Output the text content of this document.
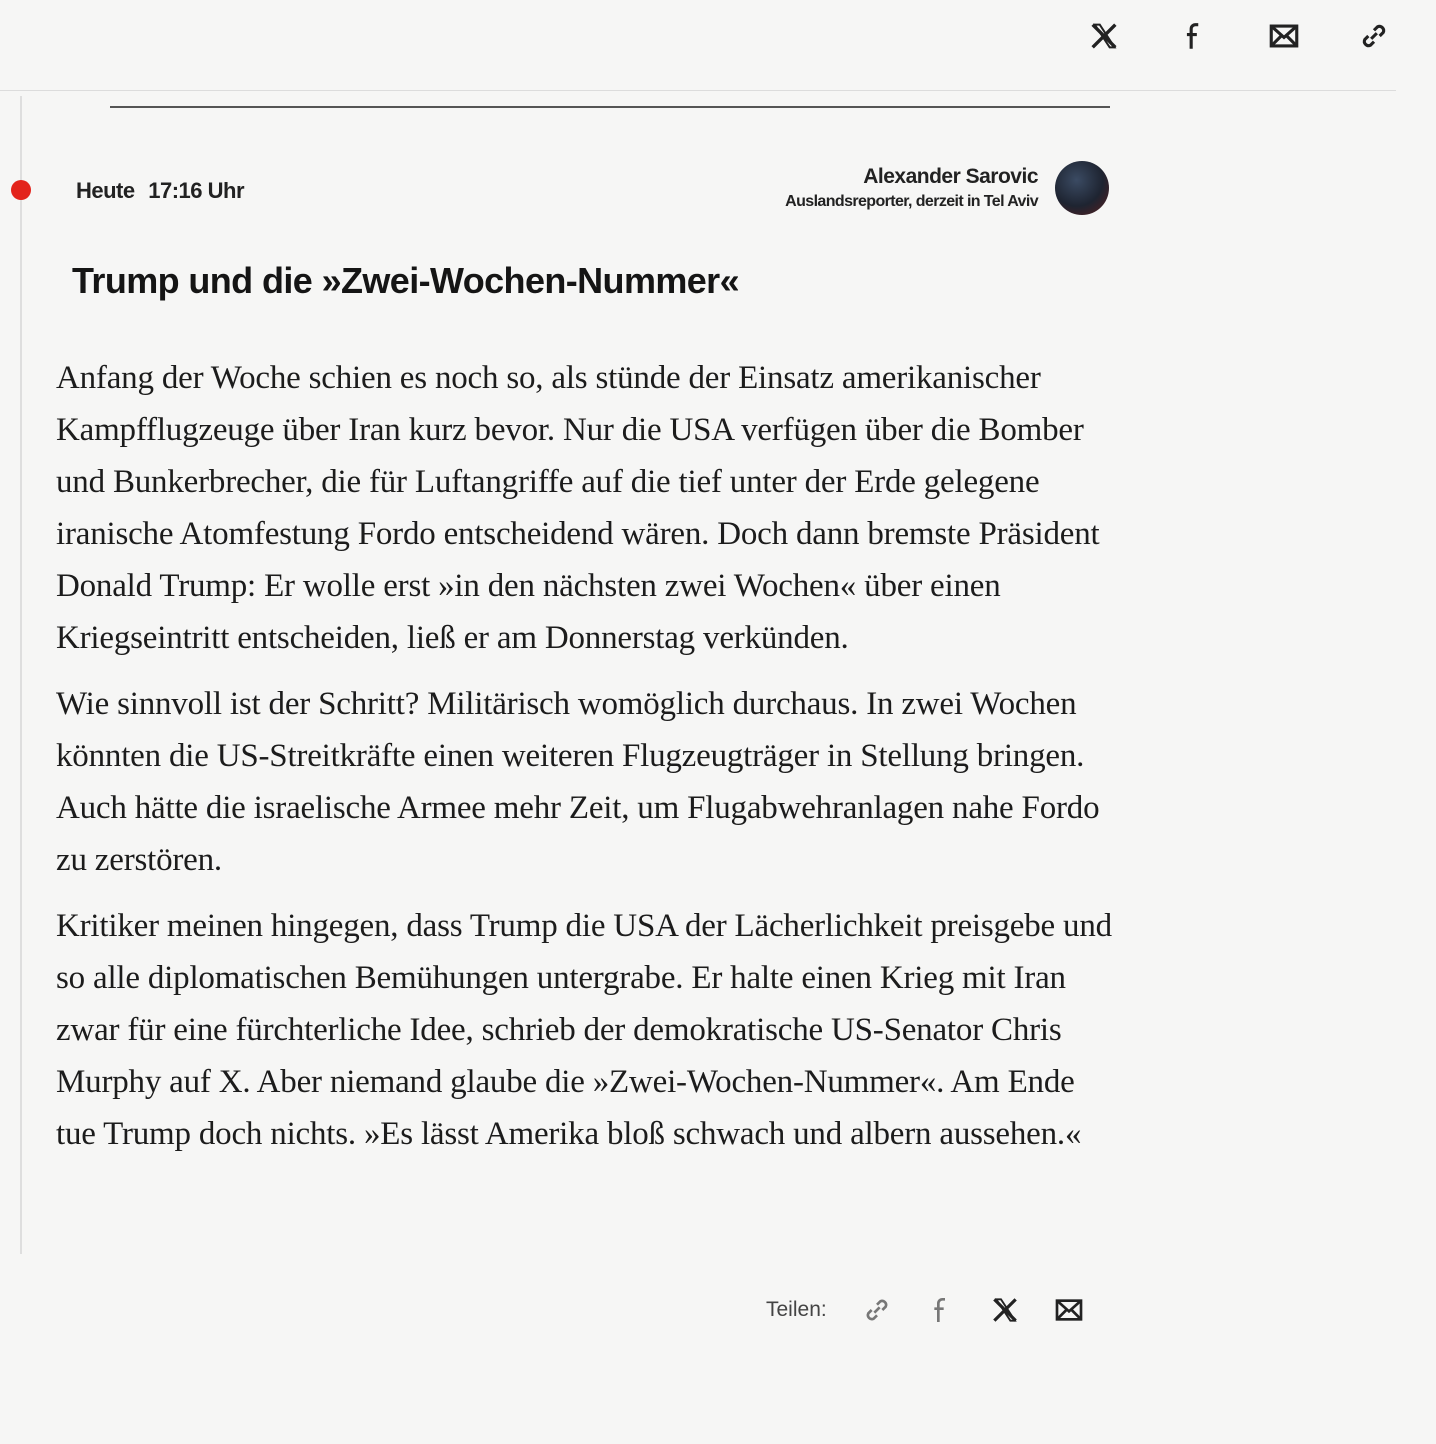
Heute 17:16 Uhr
Alexander Sarovic
Auslandsreporter, derzeit in Tel Aviv
Trump und die »Zwei-Wochen-Nummer«

Anfang der Woche schien es noch so, als stünde der Einsatz amerikanischer Kampfflugzeuge über Iran kurz bevor. Nur die USA verfügen über die Bomber und Bunkerbrecher, die für Luftangriffe auf die tief unter der Erde gelegene iranische Atomfestung Fordo entscheidend wären. Doch dann bremste Präsident Donald Trump: Er wolle erst »in den nächsten zwei Wochen« über einen Kriegseintritt entscheiden, ließ er am Donnerstag verkünden.

Wie sinnvoll ist der Schritt? Militärisch womöglich durchaus. In zwei Wochen könnten die US-Streitkräfte einen weiteren Flugzeugträger in Stellung bringen. Auch hätte die israelische Armee mehr Zeit, um Flugabwehranlagen nahe Fordo zu zerstören.

Kritiker meinen hingegen, dass Trump die USA der Lächerlichkeit preisgebe und so alle diplomatischen Bemühungen untergrabe. Er halte einen Krieg mit Iran zwar für eine fürchterliche Idee, schrieb der demokratische US-Senator Chris Murphy auf X. Aber niemand glaube die »Zwei-Wochen-Nummer«. Am Ende tue Trump doch nichts. »Es lässt Amerika bloß schwach und albern aussehen.«

Teilen:
